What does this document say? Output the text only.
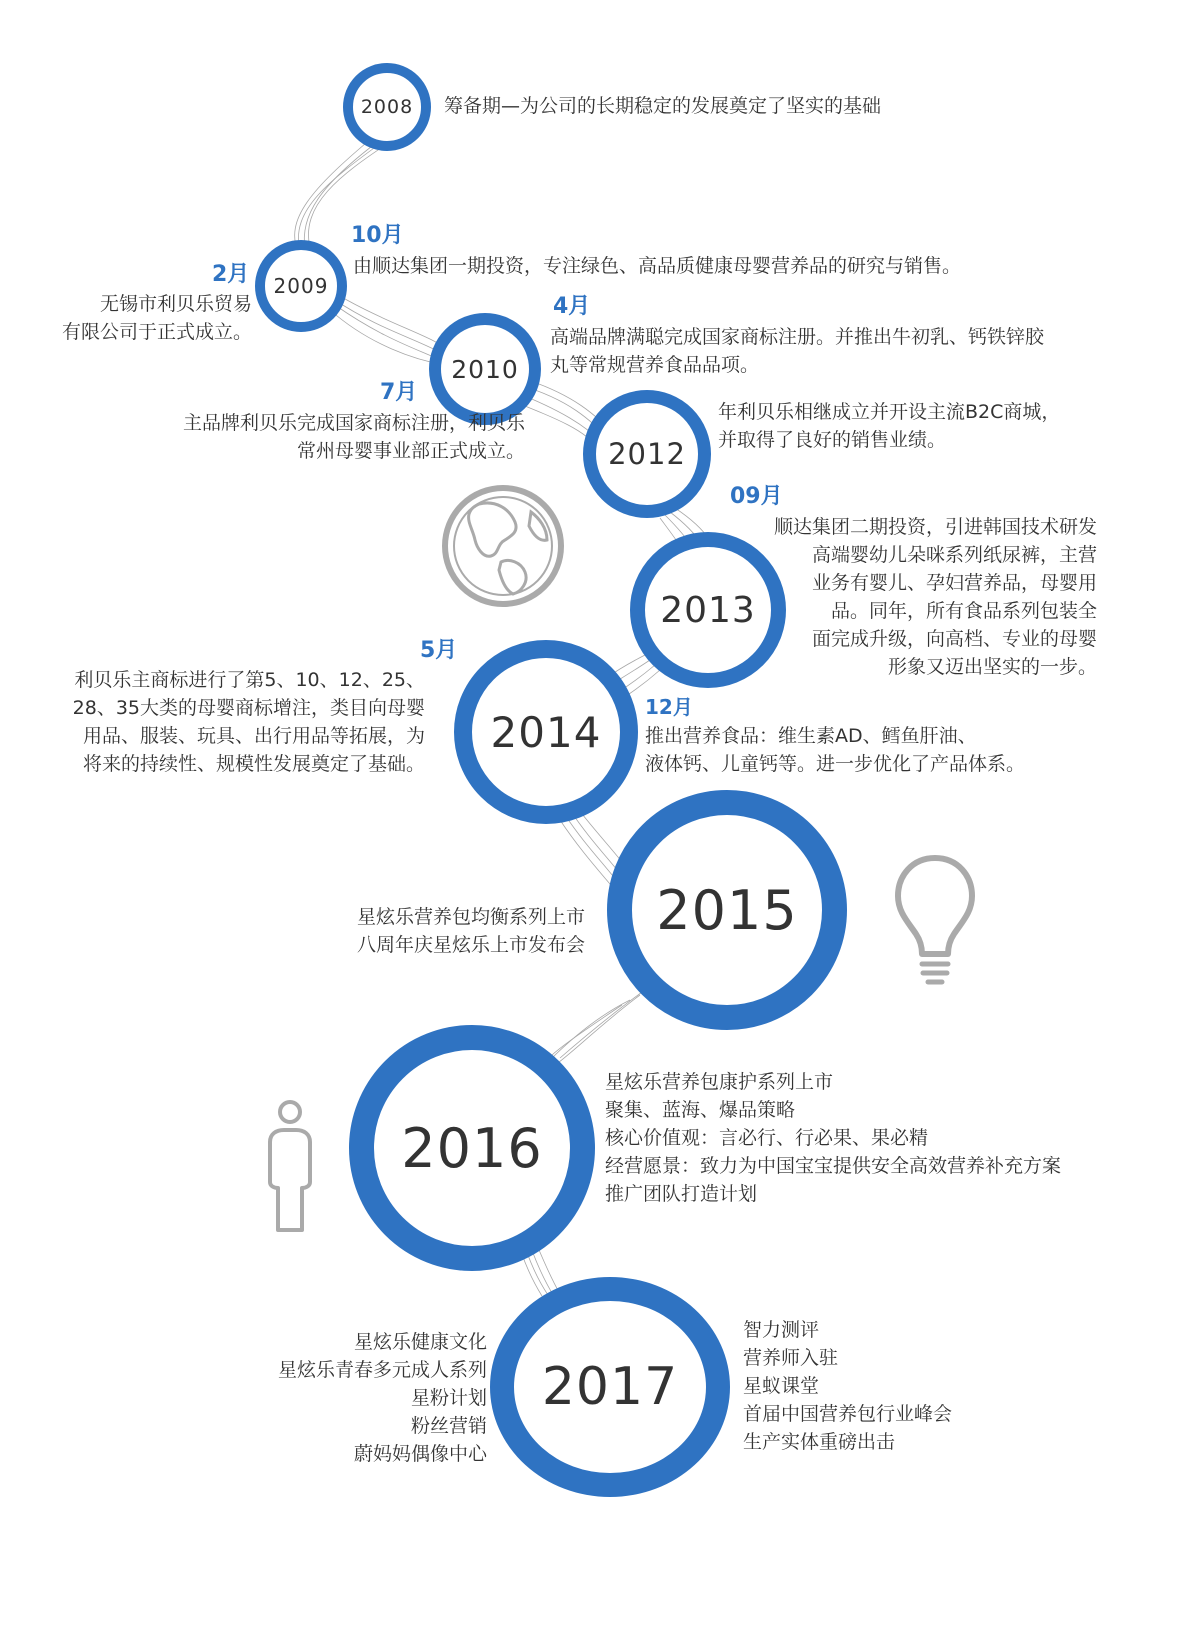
2008 筹备期—为公司的长期稳定的发展奠定了坚实的基础
2009
2月
无锡市利贝乐贸易
有限公司于正式成立。
10月
由顺达集团一期投资，专注绿色、高品质健康母婴营养品的研究与销售。
2010
4月
高端品牌满聪完成国家商标注册。并推出牛初乳、钙铁锌胶
丸等常规营养食品品项。
7月
主品牌利贝乐完成国家商标注册，利贝乐
常州母婴事业部正式成立。	2012
年利贝乐相继成立并开设主流B2C商城，
并取得了良好的销售业绩。
2013
09月
顺达集团二期投资，引进韩国技术研发
高端婴幼儿朵咪系列纸尿裤，主营
业务有婴儿、孕妇营养品，母婴用
品。同年，所有食品系列包装全
面完成升级，向高档、专业的母婴
形象又迈出坚实的一步。
2014
5月
利贝乐主商标进行了第5、10、12、25、
28、35大类的母婴商标增注，类目向母婴
用品、服装、玩具、出行用品等拓展，为
将来的持续性、规模性发展奠定了基础。
12月
推出营养食品：维生素AD、鳕鱼肝油、
液体钙、儿童钙等。进一步优化了产品体系。
2015
星炫乐营养包均衡系列上市
八周年庆星炫乐上市发布会
2016
星炫乐营养包康护系列上市
聚集、蓝海、爆品策略
核心价值观：言必行、行必果、果必精
经营愿景：致力为中国宝宝提供安全高效营养补充方案
推广团队打造计划
2017
星炫乐健康文化
星炫乐青春多元成人系列
星粉计划
粉丝营销
蔚妈妈偶像中心
智力测评
营养师入驻
星蚁课堂
首届中国营养包行业峰会
生产实体重磅出击
